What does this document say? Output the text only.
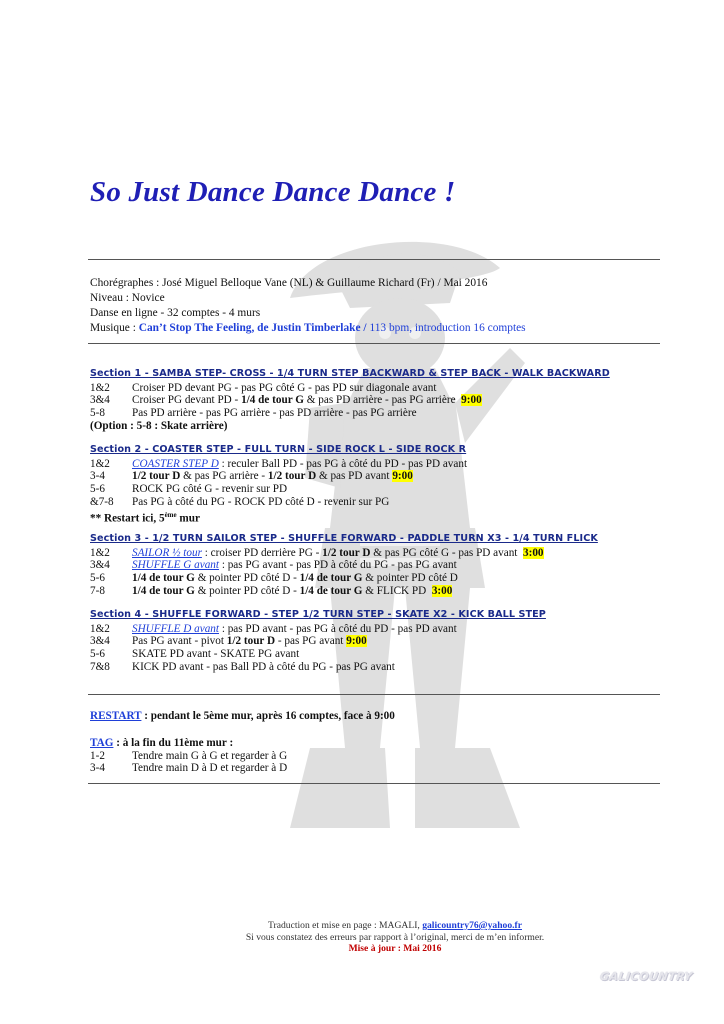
So Just Dance Dance Dance !
Chorégraphes : José Miguel Belloque Vane (NL) & Guillaume Richard (Fr) / Mai 2016
Niveau : Novice
Danse en ligne - 32 comptes - 4 murs
Musique : Can’t Stop The Feeling, de Justin Timberlake / 113 bpm, introduction 16 comptes
Section 1 - SAMBA STEP- CROSS - 1/4 TURN STEP BACKWARD & STEP BACK - WALK BACKWARD
1&2	Croiser PD devant PG - pas PG côté G - pas PD sur diagonale avant
3&4	Croiser PG devant PD - 1/4 de tour G & pas PD arrière - pas PG arrière  9:00
5-8	Pas PD arrière - pas PG arrière - pas PD arrière - pas PG arrière
(Option : 5-8 : Skate arrière)
Section 2 - COASTER STEP - FULL TURN - SIDE ROCK L - SIDE ROCK R
1&2	COASTER STEP D : reculer Ball PD - pas PG à côté du PD - pas PD avant
3-4	1/2 tour D & pas PG arrière - 1/2 tour D & pas PD avant 9:00
5-6	ROCK PG côté G - revenir sur PD
&7-8	Pas PG à côté du PG - ROCK PD côté D - revenir sur PG
** Restart ici, 5ème mur
Section 3 - 1/2 TURN SAILOR STEP - SHUFFLE FORWARD - PADDLE TURN X3 - 1/4 TURN FLICK
1&2	SAILOR ½ tour : croiser PD derrière PG - 1/2 tour D & pas PG côté G - pas PD avant  3:00
3&4	SHUFFLE G avant : pas PG avant - pas PD à côté du PG - pas PG avant
5-6	1/4 de tour G & pointer PD côté D - 1/4 de tour G & pointer PD côté D
7-8	1/4 de tour G & pointer PD côté D - 1/4 de tour G & FLICK PD  3:00
Section 4 - SHUFFLE FORWARD - STEP 1/2 TURN STEP - SKATE X2 - KICK BALL STEP
1&2	SHUFFLE D avant : pas PD avant - pas PG à côté du PD - pas PD avant
3&4	Pas PG avant - pivot 1/2 tour D - pas PG avant 9:00
5-6	SKATE PD avant - SKATE PG avant
7&8	KICK PD avant - pas Ball PD à côté du PG - pas PG avant
RESTART : pendant le 5ème mur, après 16 comptes, face à 9:00
TAG : à la fin du 11ème mur :
1-2	Tendre main G à G et regarder à G
3-4	Tendre main D à D et regarder à D
Traduction et mise en page : MAGALI, galicountry76@yahoo.fr
Si vous constatez des erreurs par rapport à l’original, merci de m’en informer.
Mise à jour : Mai 2016
GALICOUNTRY
